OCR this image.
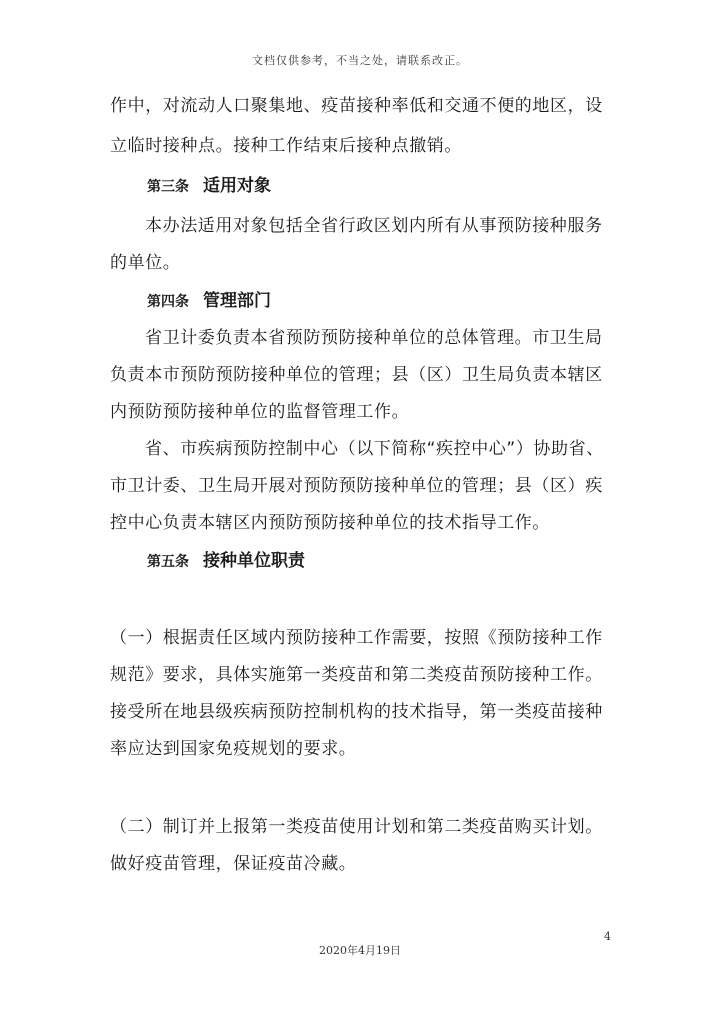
文档仅供参考，不当之处，请联系改正。
作中，对流动人口聚集地、疫苗接种率低和交通不便的地区，设
立临时接种点。接种工作结束后接种点撤销。
第三条 适用对象
本办法适用对象包括全省行政区划内所有从事预防接种服务
的单位。
第四条 管理部门
省卫计委负责本省预防预防接种单位的总体管理。市卫生局
负责本市预防预防接种单位的管理；县（区）卫生局负责本辖区
内预防预防接种单位的监督管理工作。
省、市疾病预防控制中心（以下简称“疾控中心”）协助省、
市卫计委、卫生局开展对预防预防接种单位的管理；县（区）疾
控中心负责本辖区内预防预防接种单位的技术指导工作。
第五条 接种单位职责
（一）根据责任区域内预防接种工作需要，按照《预防接种工作
规范》要求，具体实施第一类疫苗和第二类疫苗预防接种工作。
接受所在地县级疾病预防控制机构的技术指导，第一类疫苗接种
率应达到国家免疫规划的要求。
（二）制订并上报第一类疫苗使用计划和第二类疫苗购买计划。
做好疫苗管理，保证疫苗冷藏。
4
2020年4月19日
